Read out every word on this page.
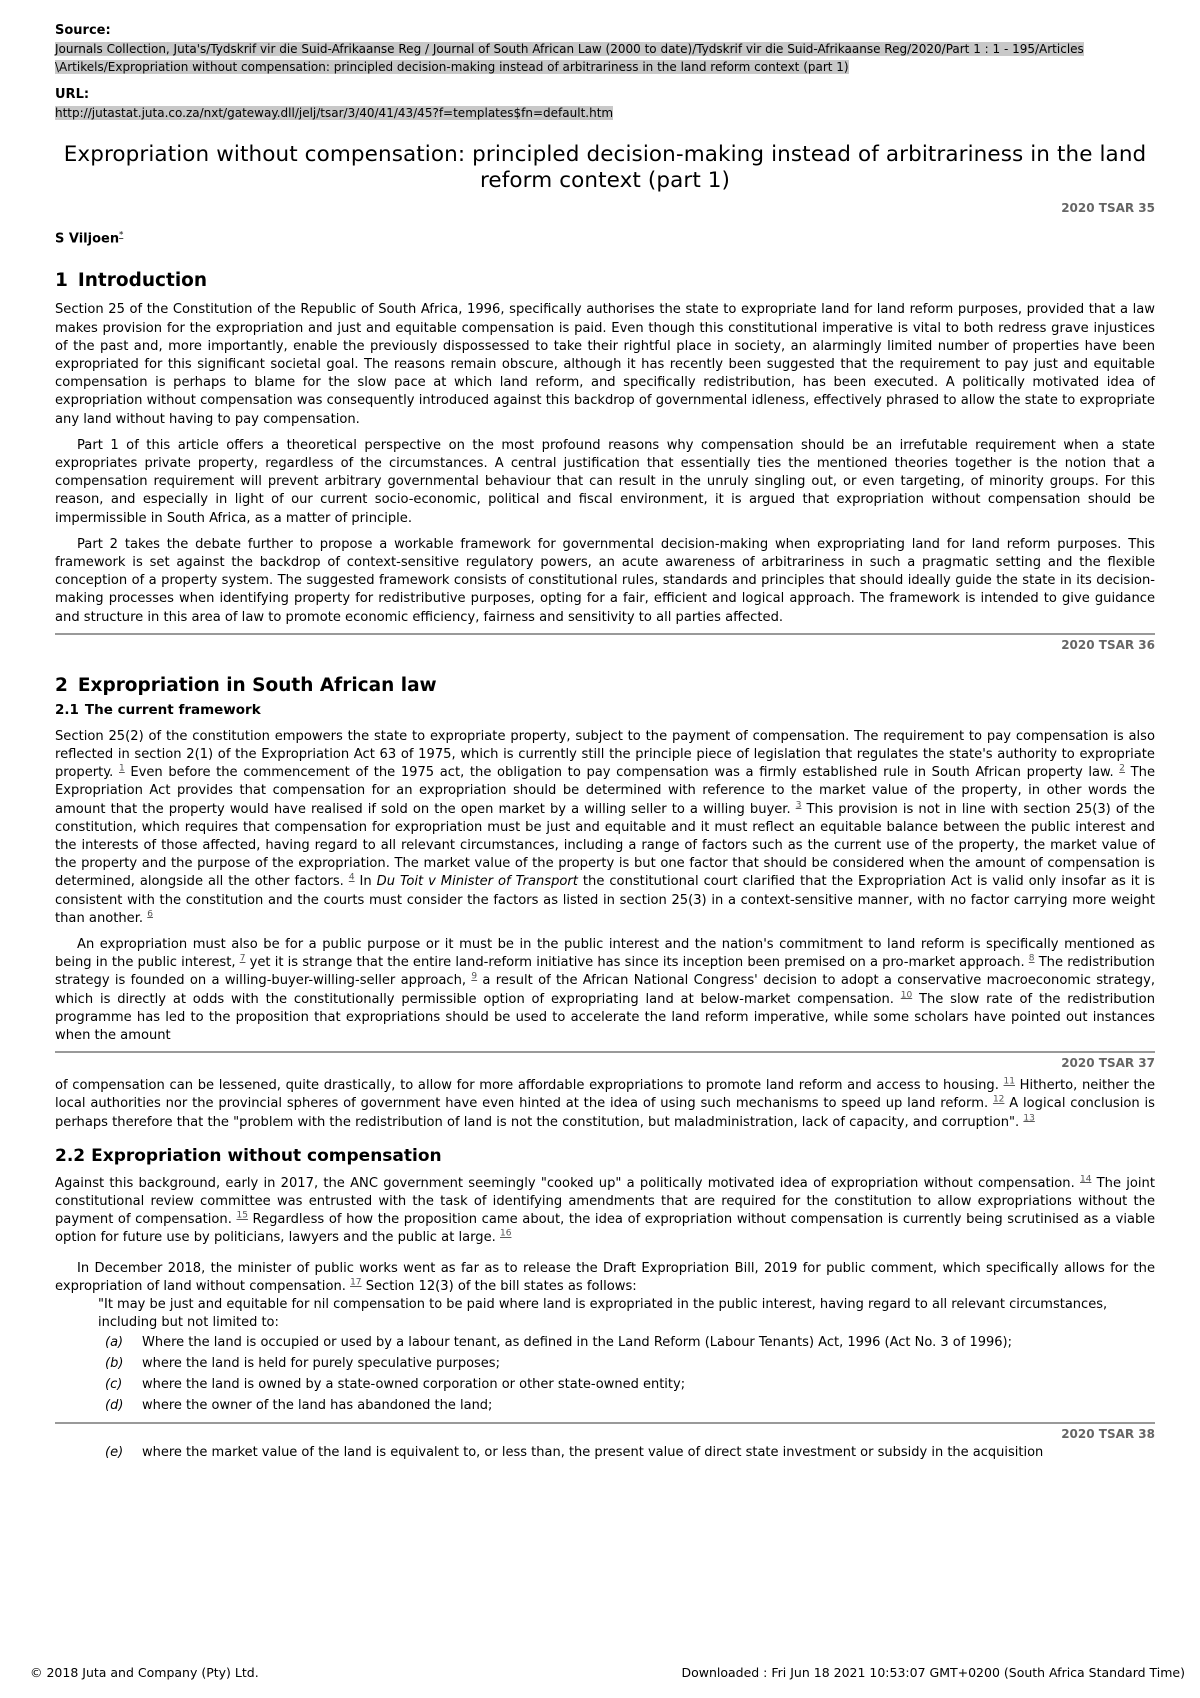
Source:

Journals Collection, Juta's/Tydskrif vir die Suid-Afrikaanse Reg / Journal of South African Law (2000 to date)/Tydskrif vir die Suid-Afrikaanse Reg/2020/Part 1 : 1 - 195/Articles \Artikels/Expropriation without compensation: principled decision-making instead of arbitrariness in the land reform context (part 1)

URL:

http://jutastat.juta.co.za/nxt/gateway.dll/jelj/tsar/3/40/41/43/45?f=templates$fn=default.htm

Expropriation without compensation: principled decision-making instead of arbitrariness in the land reform context (part 1)
2020 TSAR 35

S Viljoen*

1 Introduction

Section 25 of the Constitution of the Republic of South Africa, 1996, specifically authorises the state to expropriate land for land reform purposes, provided that a law makes provision for the expropriation and just and equitable compensation is paid. Even though this constitutional imperative is vital to both redress grave injustices of the past and, more importantly, enable the previously dispossessed to take their rightful place in society, an alarmingly limited number of properties have been expropriated for this significant societal goal. The reasons remain obscure, although it has recently been suggested that the requirement to pay just and equitable compensation is perhaps to blame for the slow pace at which land reform, and specifically redistribution, has been executed. A politically motivated idea of expropriation without compensation was consequently introduced against this backdrop of governmental idleness, effectively phrased to allow the state to expropriate any land without having to pay compensation.

Part 1 of this article offers a theoretical perspective on the most profound reasons why compensation should be an irrefutable requirement when a state expropriates private property, regardless of the circumstances. A central justification that essentially ties the mentioned theories together is the notion that a compensation requirement will prevent arbitrary governmental behaviour that can result in the unruly singling out, or even targeting, of minority groups. For this reason, and especially in light of our current socio-economic, political and fiscal environment, it is argued that expropriation without compensation should be impermissible in South Africa, as a matter of principle.

Part 2 takes the debate further to propose a workable framework for governmental decision-making when expropriating land for land reform purposes. This framework is set against the backdrop of context-sensitive regulatory powers, an acute awareness of arbitrariness in such a pragmatic setting and the flexible conception of a property system. The suggested framework consists of constitutional rules, standards and principles that should ideally guide the state in its decision-making processes when identifying property for redistributive purposes, opting for a fair, efficient and logical approach. The framework is intended to give guidance and structure in this area of law to promote economic efficiency, fairness and sensitivity to all parties affected.

2020 TSAR 36
2 Expropriation in South African law
2.1 The current framework

Section 25(2) of the constitution empowers the state to expropriate property, subject to the payment of compensation. The requirement to pay compensation is also reflected in section 2(1) of the Expropriation Act 63 of 1975, which is currently still the principle piece of legislation that regulates the state's authority to expropriate property. $^1$ Even before the commencement of the 1975 act, the obligation to pay compensation was a firmly established rule in South African property law. $^2$ The Expropriation Act provides that compensation for an expropriation should be determined with reference to the market value of the property, in other words the amount that the property would have realised if sold on the open market by a willing seller to a willing buyer. $^3$ This provision is not in line with section 25(3) of the constitution, which requires that compensation for expropriation must be just and equitable and it must reflect an equitable balance between the public interest and the interests of those affected, having regard to all relevant circumstances, including a range of factors such as the current use of the property, the market value of the property and the purpose of the expropriation. The market value of the property is but one factor that should be considered when the amount of compensation is determined, alongside all the other factors. $^4$ In Du Toit v Minister of Transport the constitutional court clarified that the Expropriation Act is valid only insofar as it is consistent with the constitution and the courts must consider the factors as listed in section 25(3) in a context-sensitive manner, with no factor carrying more weight than another. $^6$

An expropriation must also be for a public purpose or it must be in the public interest and the nation's commitment to land reform is specifically mentioned as being in the public interest, $^7$ yet it is strange that the entire land-reform initiative has since its inception been premised on a pro-market approach. $^8$ The redistribution strategy is founded on a willing-buyer-willing-seller approach, $^9$ a result of the African National Congress' decision to adopt a conservative macroeconomic strategy, which is directly at odds with the constitutionally permissible option of expropriating land at below-market compensation. $^{10}$ The slow rate of the redistribution programme has led to the proposition that expropriations should be used to accelerate the land reform imperative, while some scholars have pointed out instances when the amount

2020 TSAR 37

of compensation can be lessened, quite drastically, to allow for more affordable expropriations to promote land reform and access to housing. $^{11}$ Hitherto, neither the local authorities nor the provincial spheres of government have even hinted at the idea of using such mechanisms to speed up land reform. $^{12}$ A logical conclusion is perhaps therefore that the "problem with the redistribution of land is not the constitution, but maladministration, lack of capacity, and corruption". $^{13}$

2.2 Expropriation without compensation

Against this background, early in 2017, the ANC government seemingly "cooked up" a politically motivated idea of expropriation without compensation. $^{14}$ The joint constitutional review committee was entrusted with the task of identifying amendments that are required for the constitution to allow expropriations without the payment of compensation. $^{15}$ Regardless of how the proposition came about, the idea of expropriation without compensation is currently being scrutinised as a viable option for future use by politicians, lawyers and the public at large. $^{16}$

In December 2018, the minister of public works went as far as to release the Draft Expropriation Bill, 2019 for public comment, which specifically allows for the expropriation of land without compensation. $^{17}$ Section 12(3) of the bill states as follows:

"It may be just and equitable for nil compensation to be paid where land is expropriated in the public interest, having regard to all relevant circumstances, including but not limited to:

(a)	Where the land is occupied or used by a labour tenant, as defined in the Land Reform (Labour Tenants) Act, 1996 (Act No. 3 of 1996);
(b)	where the land is held for purely speculative purposes;
(c)	where the land is owned by a state-owned corporation or other state-owned entity;
(d)	where the owner of the land has abandoned the land;
2020 TSAR 38
(e)	where the market value of the land is equivalent to, or less than, the present value of direct state investment or subsidy in the acquisition
© 2018 Juta and Company (Pty) Ltd.	Downloaded : Fri Jun 18 2021 10:53:07 GMT+0200 (South Africa Standard Time)
